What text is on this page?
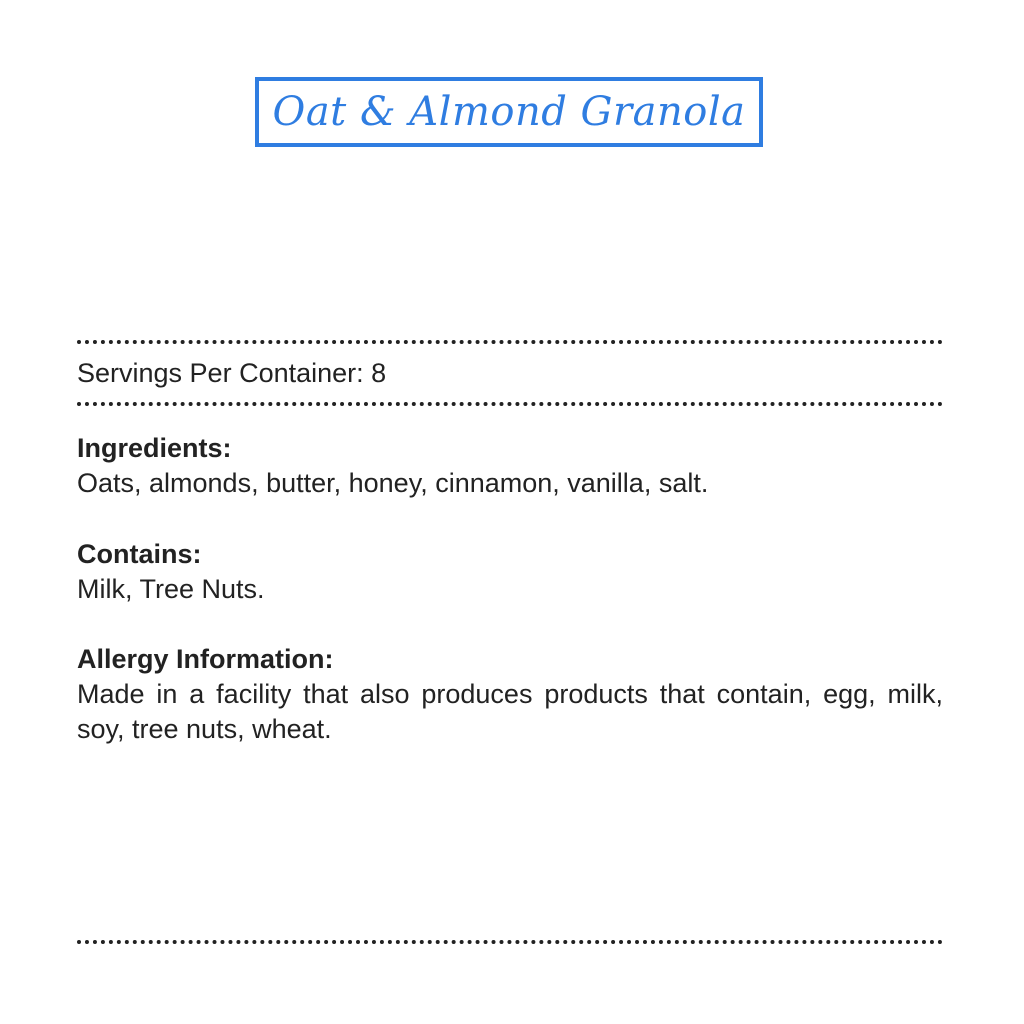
Oat & Almond Granola

Servings Per Container: 8

Ingredients:
Oats, almonds, butter, honey, cinnamon, vanilla, salt.
Contains:
Milk, Tree Nuts.
Allergy Information:
Made in a facility that also produces products that contain, egg, milk, soy, tree nuts, wheat.
